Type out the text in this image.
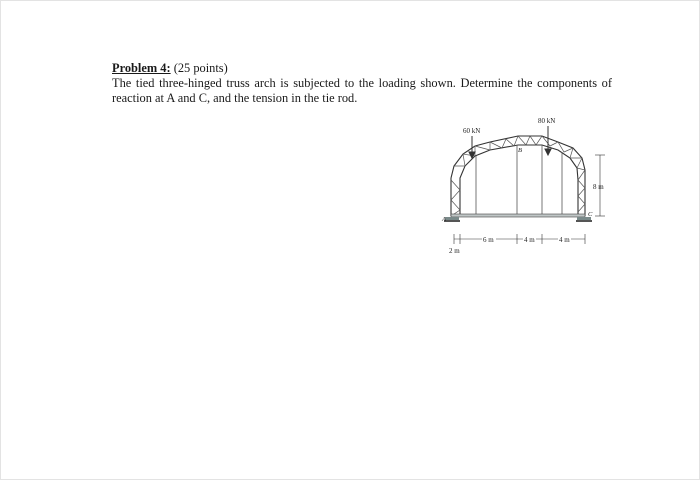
Problem 4: (25 points)
The tied three-hinged truss arch is subjected to the loading shown. Determine the components of reaction at A and C, and the tension in the tie rod.
60 kN
80 kN
B
A
C
8 m
6 m	4 m	4 m
2 m
